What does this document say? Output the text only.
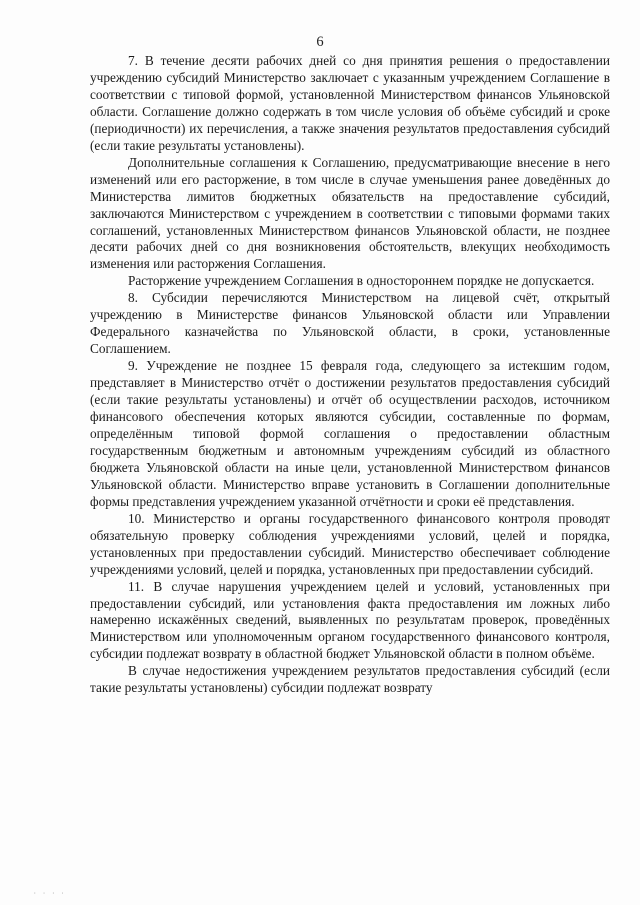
6

7. В течение десяти рабочих дней со дня принятия решения о предоставлении учреждению субсидий Министерство заключает с указанным учреждением Соглашение в соответствии с типовой формой, установленной Министерством финансов Ульяновской области. Соглашение должно содержать в том числе условия об объёме субсидий и сроке (периодичности) их перечисления, а также значения результатов предоставления субсидий (если такие результаты установлены).

Дополнительные соглашения к Соглашению, предусматривающие внесение в него изменений или его расторжение, в том числе в случае уменьшения ранее доведённых до Министерства лимитов бюджетных обязательств на предоставление субсидий, заключаются Министерством с учреждением в соответствии с типовыми формами таких соглашений, установленных Министерством финансов Ульяновской области, не позднее десяти рабочих дней со дня возникновения обстоятельств, влекущих необходимость изменения или расторжения Соглашения.

Расторжение учреждением Соглашения в одностороннем порядке не допускается.

8. Субсидии перечисляются Министерством на лицевой счёт, открытый учреждению в Министерстве финансов Ульяновской области или Управлении Федерального казначейства по Ульяновской области, в сроки, установленные Соглашением.

9. Учреждение не позднее 15 февраля года, следующего за истекшим годом, представляет в Министерство отчёт о достижении результатов предоставления субсидий (если такие результаты установлены) и отчёт об осуществлении расходов, источником финансового обеспечения которых являются субсидии, составленные по формам, определённым типовой формой соглашения о предоставлении областным государственным бюджетным и автономным учреждениям субсидий из областного бюджета Ульяновской области на иные цели, установленной Министерством финансов Ульяновской области. Министерство вправе установить в Соглашении дополнительные формы представления учреждением указанной отчётности и сроки её представления.

10. Министерство и органы государственного финансового контроля проводят обязательную проверку соблюдения учреждениями условий, целей и порядка, установленных при предоставлении субсидий. Министерство обеспечивает соблюдение учреждениями условий, целей и порядка, установленных при предоставлении субсидий.

11. В случае нарушения учреждением целей и условий, установленных при предоставлении субсидий, или установления факта предоставления им ложных либо намеренно искажённых сведений, выявленных по результатам проверок, проведённых Министерством или уполномоченным органом государственного финансового контроля, субсидии подлежат возврату в областной бюджет Ульяновской области в полном объёме.

В случае недостижения учреждением результатов предоставления субсидий (если такие результаты установлены) субсидии подлежат возврату

· · · ·
